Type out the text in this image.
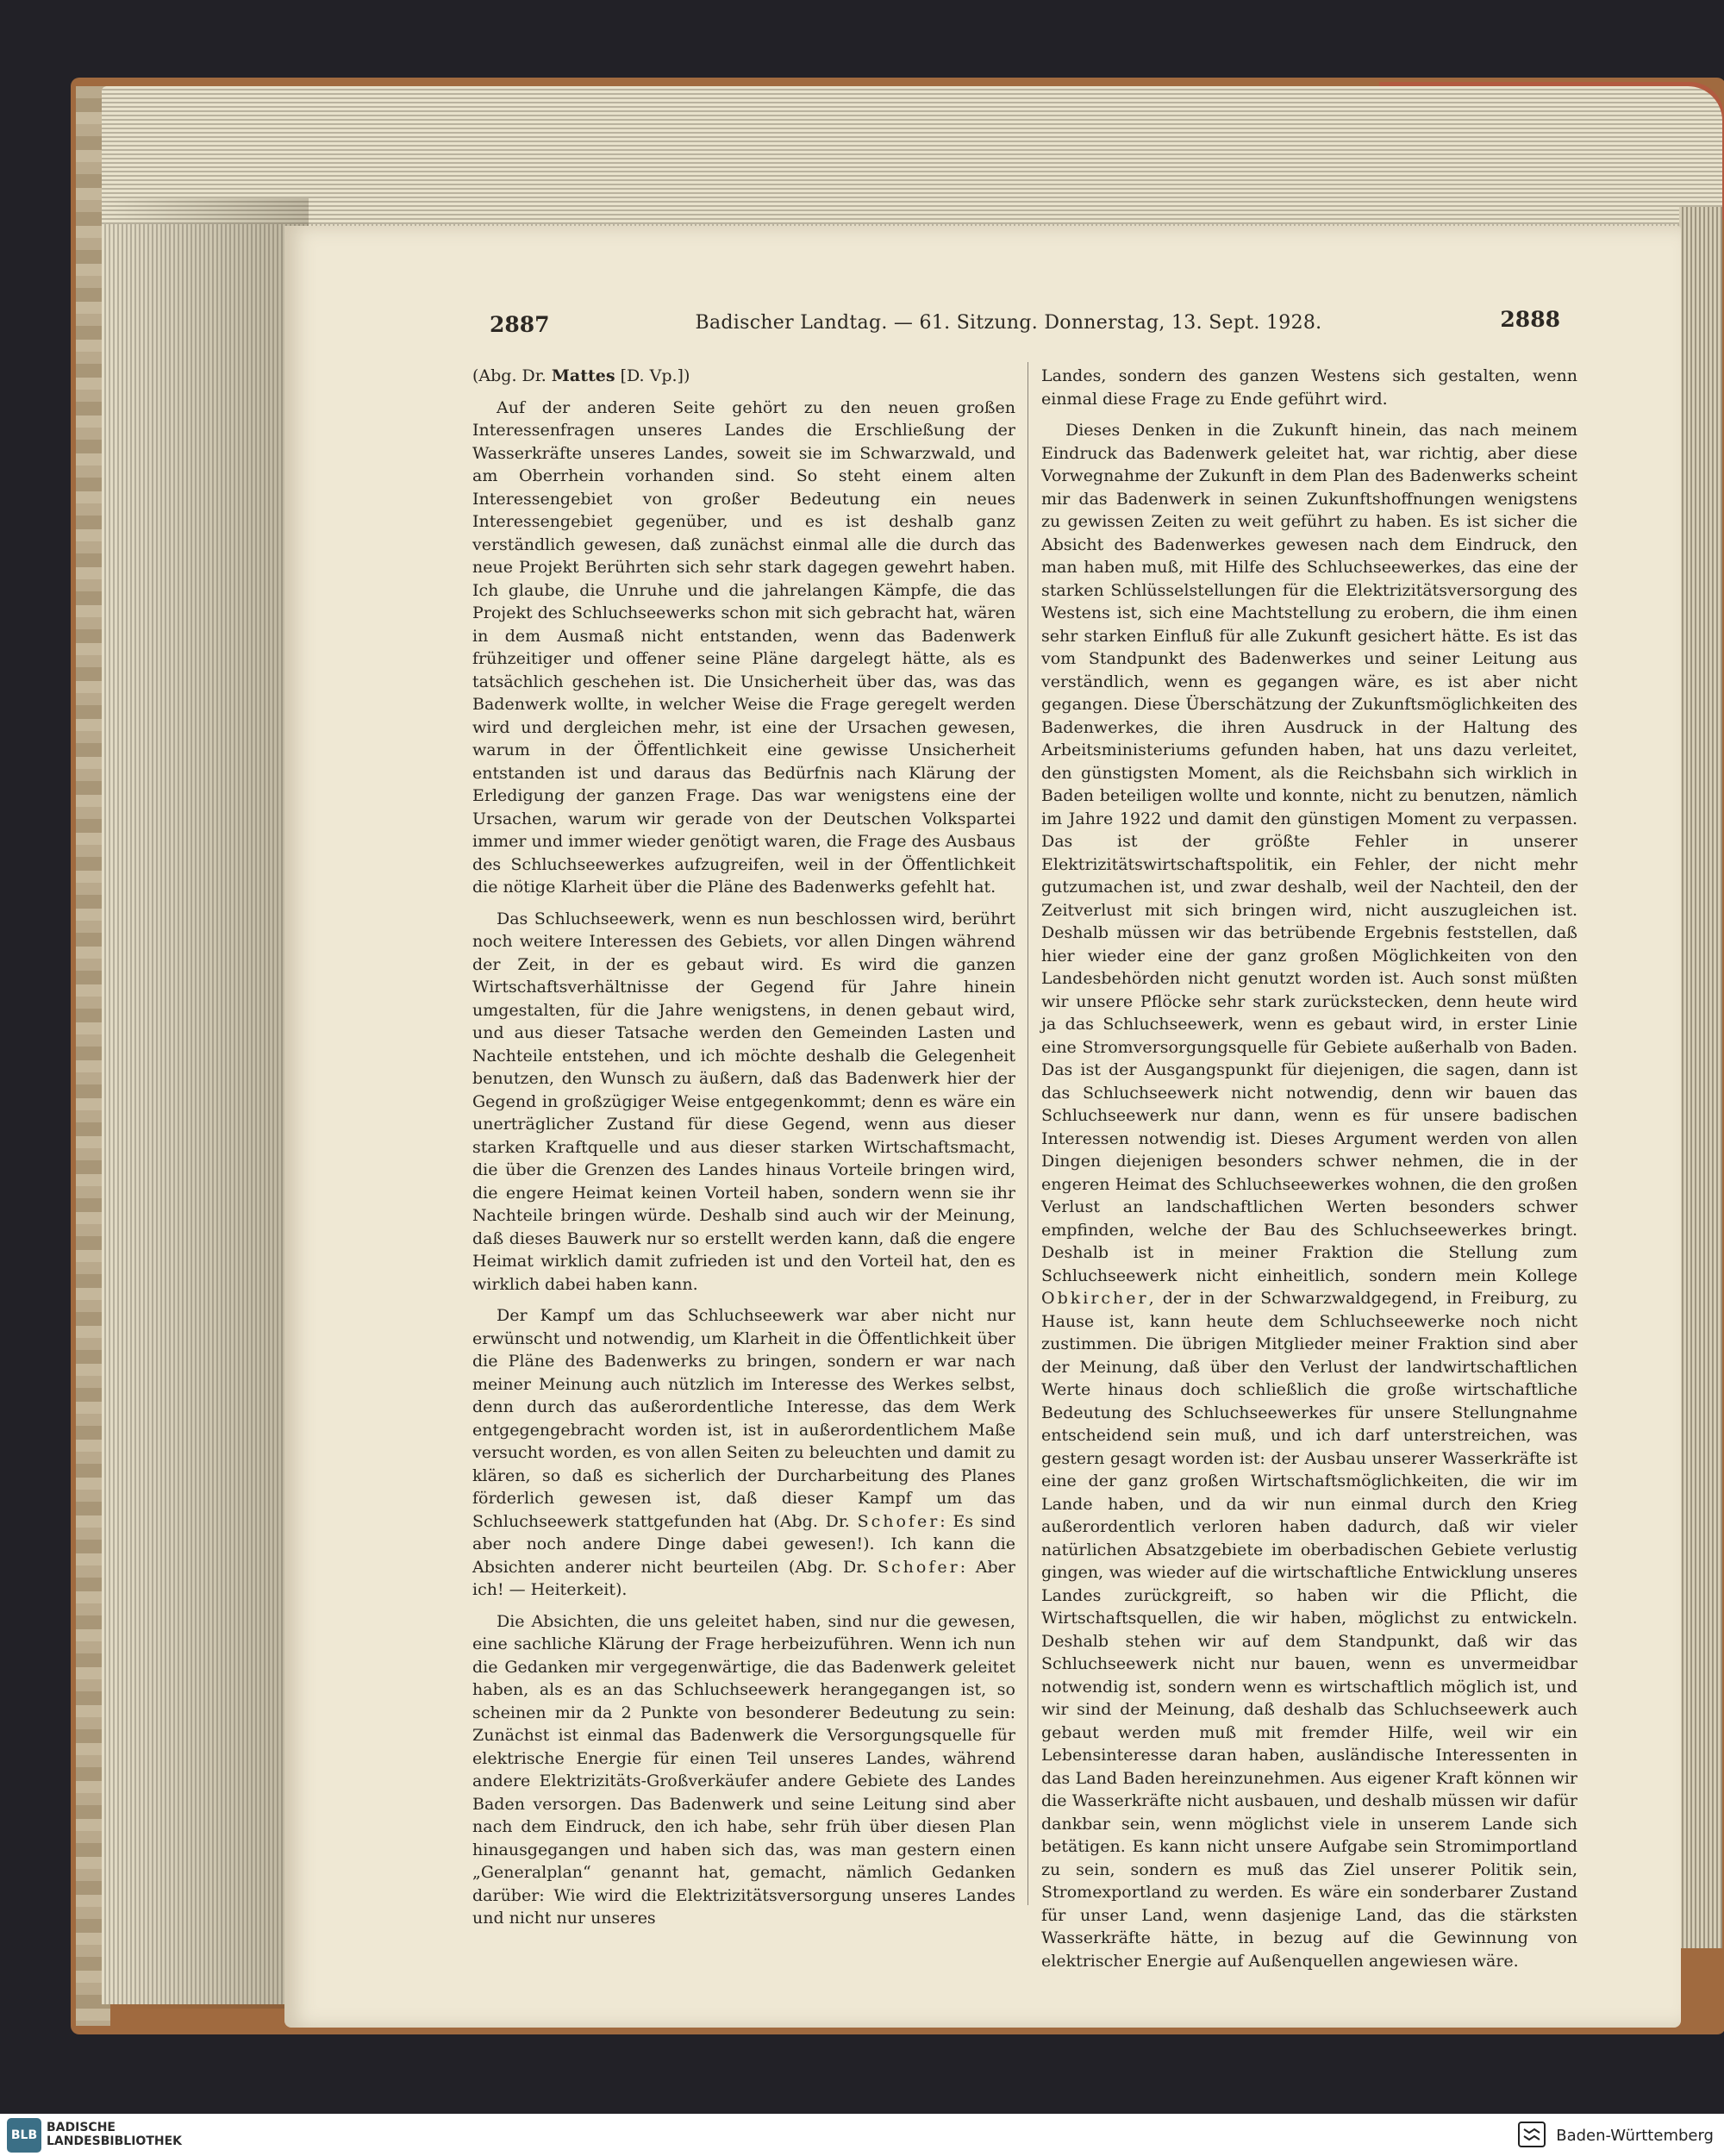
2887	Badischer Landtag. — 61. Sitzung. Donnerstag, 13. Sept. 1928.	2888

(Abg. Dr. Mattes [D. Vp.])

Auf der anderen Seite gehört zu den neuen großen Interessenfragen unseres Landes die Erschließung der Wasserkräfte unseres Landes, soweit sie im Schwarzwald, und am Oberrhein vorhanden sind. So steht einem alten Interessengebiet von großer Bedeutung ein neues Interessengebiet gegenüber, und es ist deshalb ganz verständlich gewesen, daß zunächst einmal alle die durch das neue Projekt Berührten sich sehr stark dagegen gewehrt haben. Ich glaube, die Unruhe und die jahrelangen Kämpfe, die das Projekt des Schluchseewerks schon mit sich gebracht hat, wären in dem Ausmaß nicht entstanden, wenn das Badenwerk frühzeitiger und offener seine Pläne dargelegt hätte, als es tatsächlich geschehen ist. Die Unsicherheit über das, was das Badenwerk wollte, in welcher Weise die Frage geregelt werden wird und dergleichen mehr, ist eine der Ursachen gewesen, warum in der Öffentlichkeit eine gewisse Unsicherheit entstanden ist und daraus das Bedürfnis nach Klärung der Erledigung der ganzen Frage. Das war wenigstens eine der Ursachen, warum wir gerade von der Deutschen Volkspartei immer und immer wieder genötigt waren, die Frage des Ausbaus des Schluchseewerkes aufzugreifen, weil in der Öffentlichkeit die nötige Klarheit über die Pläne des Badenwerks gefehlt hat.

Das Schluchseewerk, wenn es nun beschlossen wird, berührt noch weitere Interessen des Gebiets, vor allen Dingen während der Zeit, in der es gebaut wird. Es wird die ganzen Wirtschaftsverhältnisse der Gegend für Jahre hinein umgestalten, für die Jahre wenigstens, in denen gebaut wird, und aus dieser Tatsache werden den Gemeinden Lasten und Nachteile entstehen, und ich möchte deshalb die Gelegenheit benutzen, den Wunsch zu äußern, daß das Badenwerk hier der Gegend in großzügiger Weise entgegenkommt; denn es wäre ein unerträglicher Zustand für diese Gegend, wenn aus dieser starken Kraftquelle und aus dieser starken Wirtschaftsmacht, die über die Grenzen des Landes hinaus Vorteile bringen wird, die engere Heimat keinen Vorteil haben, sondern wenn sie ihr Nachteile bringen würde. Deshalb sind auch wir der Meinung, daß dieses Bauwerk nur so erstellt werden kann, daß die engere Heimat wirklich damit zufrieden ist und den Vorteil hat, den es wirklich dabei haben kann.

Der Kampf um das Schluchseewerk war aber nicht nur erwünscht und notwendig, um Klarheit in die Öffentlichkeit über die Pläne des Badenwerks zu bringen, sondern er war nach meiner Meinung auch nützlich im Interesse des Werkes selbst, denn durch das außerordentliche Interesse, das dem Werk entgegengebracht worden ist, ist in außerordentlichem Maße versucht worden, es von allen Seiten zu beleuchten und damit zu klären, so daß es sicherlich der Durcharbeitung des Planes förderlich gewesen ist, daß dieser Kampf um das Schluchseewerk stattgefunden hat (Abg. Dr. Schofer: Es sind aber noch andere Dinge dabei gewesen!). Ich kann die Absichten anderer nicht beurteilen (Abg. Dr. Schofer: Aber ich! — Heiterkeit).

Die Absichten, die uns geleitet haben, sind nur die gewesen, eine sachliche Klärung der Frage herbeizuführen. Wenn ich nun die Gedanken mir vergegenwärtige, die das Badenwerk geleitet haben, als es an das Schluchseewerk herangegangen ist, so scheinen mir da 2 Punkte von besonderer Bedeutung zu sein: Zunächst ist einmal das Badenwerk die Versorgungsquelle für elektrische Energie für einen Teil unseres Landes, während andere Elektrizitäts-Großverkäufer andere Gebiete des Landes Baden versorgen. Das Badenwerk und seine Leitung sind aber nach dem Eindruck, den ich habe, sehr früh über diesen Plan hinausgegangen und haben sich das, was man gestern einen „Generalplan“ genannt hat, gemacht, nämlich Gedanken darüber: Wie wird die Elektrizitätsversorgung unseres Landes und nicht nur unseres

Landes, sondern des ganzen Westens sich gestalten, wenn einmal diese Frage zu Ende geführt wird.

Dieses Denken in die Zukunft hinein, das nach meinem Eindruck das Badenwerk geleitet hat, war richtig, aber diese Vorwegnahme der Zukunft in dem Plan des Badenwerks scheint mir das Badenwerk in seinen Zukunftshoffnungen wenigstens zu gewissen Zeiten zu weit geführt zu haben. Es ist sicher die Absicht des Badenwerkes gewesen nach dem Eindruck, den man haben muß, mit Hilfe des Schluchseewerkes, das eine der starken Schlüsselstellungen für die Elektrizitätsversorgung des Westens ist, sich eine Machtstellung zu erobern, die ihm einen sehr starken Einfluß für alle Zukunft gesichert hätte. Es ist das vom Standpunkt des Badenwerkes und seiner Leitung aus verständlich, wenn es gegangen wäre, es ist aber nicht gegangen. Diese Überschätzung der Zukunftsmöglichkeiten des Badenwerkes, die ihren Ausdruck in der Haltung des Arbeitsministeriums gefunden haben, hat uns dazu verleitet, den günstigsten Moment, als die Reichsbahn sich wirklich in Baden beteiligen wollte und konnte, nicht zu benutzen, nämlich im Jahre 1922 und damit den günstigen Moment zu verpassen. Das ist der größte Fehler in unserer Elektrizitätswirtschaftspolitik, ein Fehler, der nicht mehr gutzumachen ist, und zwar deshalb, weil der Nachteil, den der Zeitverlust mit sich bringen wird, nicht auszugleichen ist. Deshalb müssen wir das betrübende Ergebnis feststellen, daß hier wieder eine der ganz großen Möglichkeiten von den Landesbehörden nicht genutzt worden ist. Auch sonst müßten wir unsere Pflöcke sehr stark zurückstecken, denn heute wird ja das Schluchseewerk, wenn es gebaut wird, in erster Linie eine Stromversorgungsquelle für Gebiete außerhalb von Baden. Das ist der Ausgangspunkt für diejenigen, die sagen, dann ist das Schluchseewerk nicht notwendig, denn wir bauen das Schluchseewerk nur dann, wenn es für unsere badischen Interessen notwendig ist. Dieses Argument werden von allen Dingen diejenigen besonders schwer nehmen, die in der engeren Heimat des Schluchseewerkes wohnen, die den großen Verlust an landschaftlichen Werten besonders schwer empfinden, welche der Bau des Schluchseewerkes bringt. Deshalb ist in meiner Fraktion die Stellung zum Schluchseewerk nicht einheitlich, sondern mein Kollege Obkircher, der in der Schwarzwaldgegend, in Freiburg, zu Hause ist, kann heute dem Schluchseewerke noch nicht zustimmen. Die übrigen Mitglieder meiner Fraktion sind aber der Meinung, daß über den Verlust der landwirtschaftlichen Werte hinaus doch schließlich die große wirtschaftliche Bedeutung des Schluchseewerkes für unsere Stellungnahme entscheidend sein muß, und ich darf unterstreichen, was gestern gesagt worden ist: der Ausbau unserer Wasserkräfte ist eine der ganz großen Wirtschaftsmöglichkeiten, die wir im Lande haben, und da wir nun einmal durch den Krieg außerordentlich verloren haben dadurch, daß wir vieler natürlichen Absatzgebiete im oberbadischen Gebiete verlustig gingen, was wieder auf die wirtschaftliche Entwicklung unseres Landes zurückgreift, so haben wir die Pflicht, die Wirtschaftsquellen, die wir haben, möglichst zu entwickeln. Deshalb stehen wir auf dem Standpunkt, daß wir das Schluchseewerk nicht nur bauen, wenn es unvermeidbar notwendig ist, sondern wenn es wirtschaftlich möglich ist, und wir sind der Meinung, daß deshalb das Schluchseewerk auch gebaut werden muß mit fremder Hilfe, weil wir ein Lebensinteresse daran haben, ausländische Interessenten in das Land Baden hereinzunehmen. Aus eigener Kraft können wir die Wasserkräfte nicht ausbauen, und deshalb müssen wir dafür dankbar sein, wenn möglichst viele in unserem Lande sich betätigen. Es kann nicht unsere Aufgabe sein Stromimportland zu sein, sondern es muß das Ziel unserer Politik sein, Stromexportland zu werden. Es wäre ein sonderbarer Zustand für unser Land, wenn dasjenige Land, das die stärksten Wasserkräfte hätte, in bezug auf die Gewinnung von elektrischer Energie auf Außenquellen angewiesen wäre.

BLB
BADISCHE
LANDESBIBLIOTHEK	Baden-Württemberg
